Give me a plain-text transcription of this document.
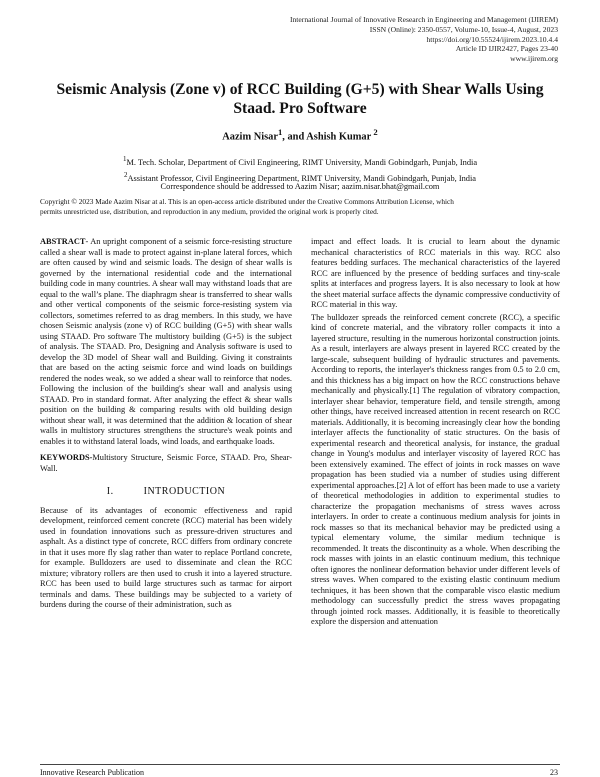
International Journal of Innovative Research in Engineering and Management (IJIREM)
ISSN (Online): 2350-0557, Volume-10, Issue-4, August, 2023
https://doi.org/10.55524/ijirem.2023.10.4.4
Article ID IJIR2427, Pages 23-40
www.ijirem.org
Seismic Analysis (Zone v) of RCC Building (G+5) with Shear Walls Using
Staad. Pro Software
Aazim Nisar$^1$, and Ashish Kumar $^2$
$^1$M. Tech. Scholar, Department of Civil Engineering, RIMT University, Mandi Gobindgarh, Punjab, India
$^2$Assistant Professor, Civil Engineering Department, RIMT University, Mandi Gobindgarh, Punjab, India
Correspondence should be addressed to Aazim Nisar; aazim.nisar.bhat@gmail.com
Copyright © 2023 Made Aazim Nisar at al. This is an open-access article distributed under the Creative Commons Attribution License, which
permits unrestricted use, distribution, and reproduction in any medium, provided the original work is properly cited.

ABSTRACT- An upright component of a seismic force-resisting structure called a shear wall is made to protect against in-plane lateral forces, which are often caused by wind and seismic loads. The design of shear walls is governed by the international residential code and the international building code in many countries. A shear wall may withstand loads that are equal to the wall’s plane. The diaphragm shear is transferred to shear walls and other vertical components of the seismic force-resisting system via collectors, sometimes referred to as drag members. In this study, we have chosen Seismic analysis (zone v) of RCC building (G+5) with shear walls using STAAD. Pro software The multistory building (G+5) is the subject of analysis. The STAAD. Pro, Designing and Analysis software is used to develop the 3D model of Shear wall and Building. Giving it constraints that are based on the acting seismic force and wind loads on buildings rendered the nodes weak, so we added a shear wall to reinforce that nodes. Following the inclusion of the building's shear wall and analysis using STAAD. Pro in standard format. After analyzing the effect & shear walls position on the building & comparing results with old building design without shear wall, it was determined that the addition & location of shear walls in multistory structures strengthens the structure's weak points and enables it to withstand lateral loads, wind loads, and earthquake loads.

KEYWORDS-Multistory Structure, Seismic Force, STAAD. Pro, Shear-Wall.

I.          INTRODUCTION

Because of its advantages of economic effectiveness and rapid development, reinforced cement concrete (RCC) material has been widely used in foundation innovations such as pressure-driven structures and asphalt. As a distinct type of concrete, RCC differs from ordinary concrete in that it uses more fly slag rather than water to replace Portland concrete, for example. Bulldozers are used to disseminate and clean the RCC mixture; vibratory rollers are then used to crush it into a layered structure. RCC has been used to build large structures such as tarmac for airport terminals and dams. These buildings may be subjected to a variety of burdens during the course of their administration, such as

impact and effect loads. It is crucial to learn about the dynamic mechanical characteristics of RCC materials in this way. RCC also features bedding surfaces. The mechanical characteristics of the layered RCC are influenced by the presence of bedding surfaces and tiny-scale splits at interfaces and progress layers. It is also necessary to look at how the sheet material surface affects the dynamic compressive conductivity of RCC material in this way.

The bulldozer spreads the reinforced cement concrete (RCC), a specific kind of concrete material, and the vibratory roller compacts it into a layered structure, resulting in the numerous horizontal construction joints. As a result, interlayers are always present in layered RCC created by the large-scale, subsequent building of hydraulic structures and pavements. According to reports, the interlayer's thickness ranges from 0.5 to 2.0 cm, and this thickness has a big impact on how the RCC constructions behave mechanically and physically.[1] The regulation of vibratory compaction, interlayer shear behavior, temperature field, and tensile strength, among other things, have received increased attention in recent research on RCC materials. Additionally, it is becoming increasingly clear how the bonding interlayer affects the functionality of static structures. On the basis of experimental research and theoretical analysis, for instance, the gradual change in Young's modulus and interlayer viscosity of layered RCC has been extensively examined. The effect of joints in rock masses on wave propagation has been studied via a number of studies using different experimental approaches.[2] A lot of effort has been made to use a variety of theoretical methodologies in addition to experimental studies to characterize the propagation mechanisms of stress waves across interlayers. In order to create a continuous medium analysis for joints in rock masses so that its mechanical behavior may be predicted using a typical elementary volume, the similar medium technique is recommended. It treats the discontinuity as a whole. When describing the rock masses with joints in an elastic continuum medium, this technique often ignores the nonlinear deformation behavior under different levels of stress waves. When compared to the existing elastic continuum medium techniques, it has been shown that the comparable visco elastic medium methodology can successfully predict the stress waves propagating through jointed rock masses. Additionally, it is feasible to theoretically explore the dispersion and attenuation

Innovative Research Publication	23
